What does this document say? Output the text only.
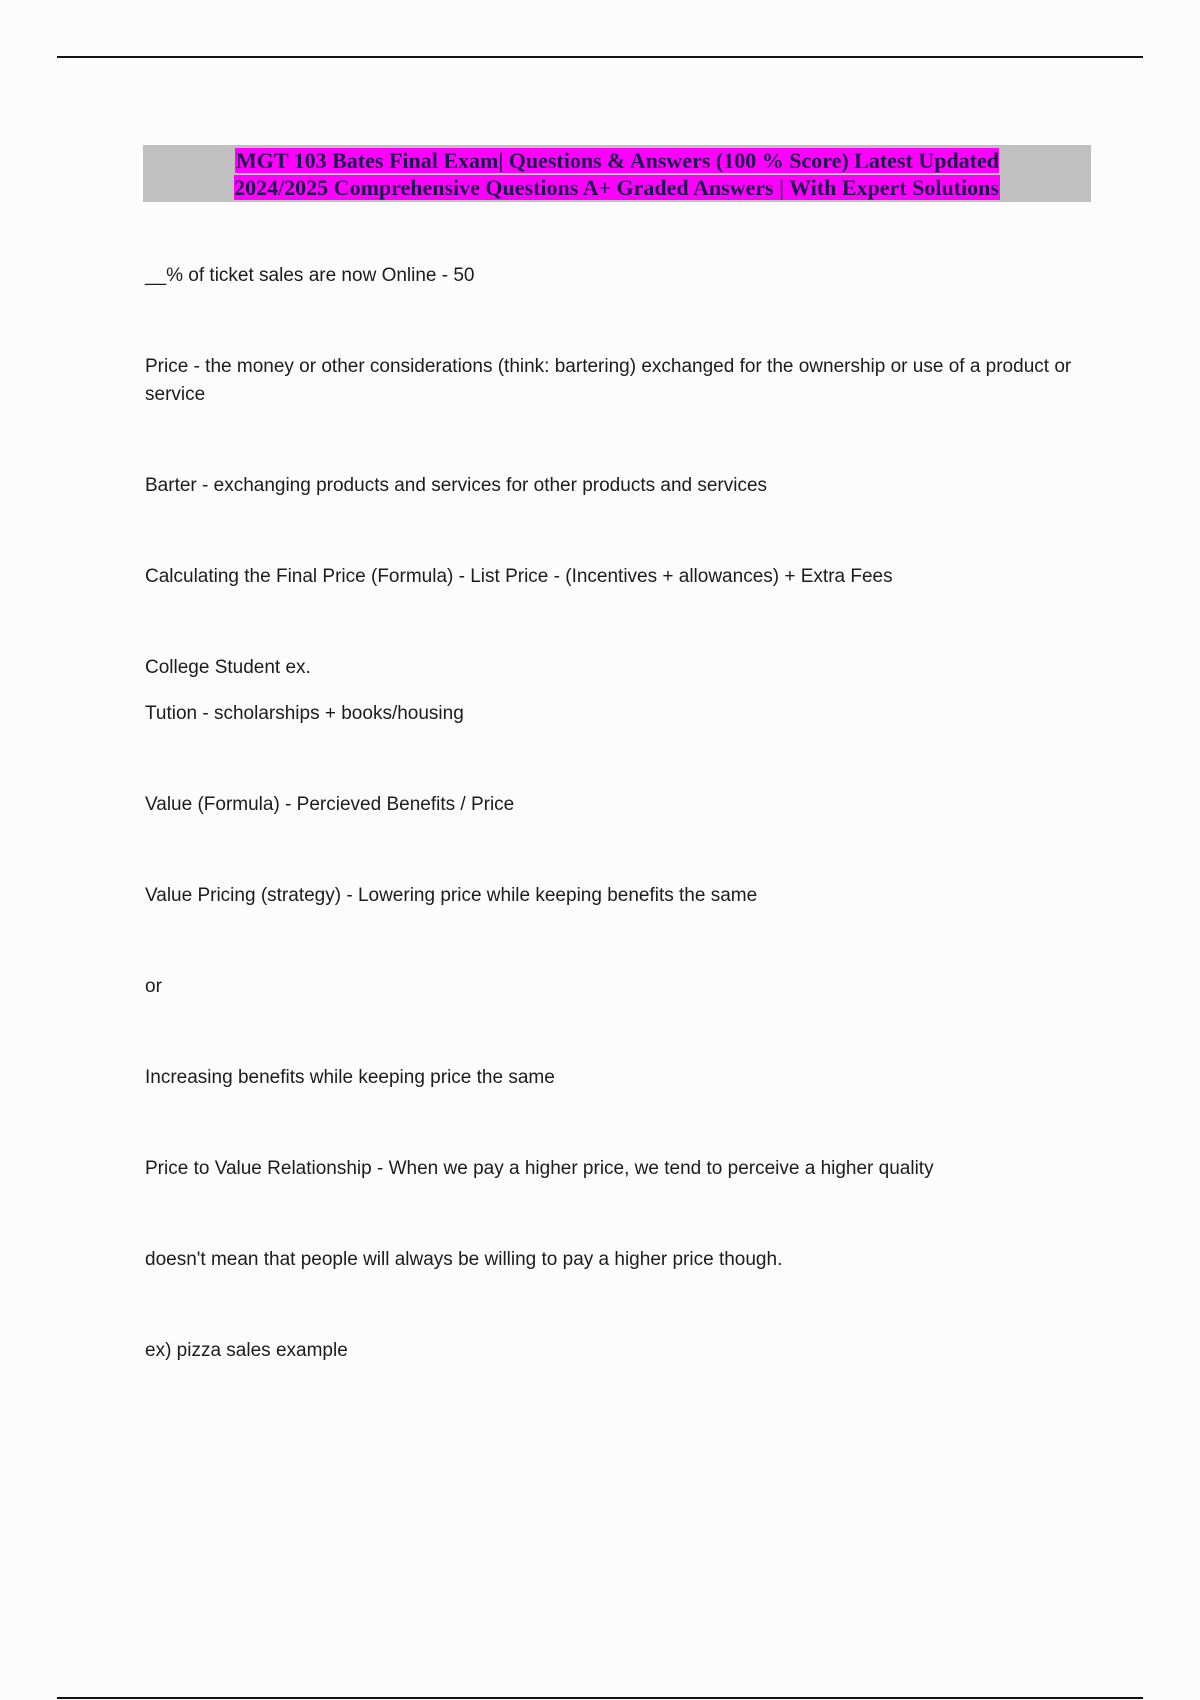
MGT 103 Bates Final Exam| Questions & Answers (100 % Score) Latest Updated 2024/2025 Comprehensive Questions A+ Graded Answers | With Expert Solutions
__% of ticket sales are now Online - 50
Price - the money or other considerations (think: bartering) exchanged for the ownership or use of a product or service
Barter - exchanging products and services for other products and services
Calculating the Final Price (Formula) - List Price - (Incentives + allowances) + Extra Fees
College Student ex.
Tution - scholarships + books/housing
Value (Formula) - Percieved Benefits / Price
Value Pricing (strategy) - Lowering price while keeping benefits the same
or
Increasing benefits while keeping price the same
Price to Value Relationship - When we pay a higher price, we tend to perceive a higher quality
doesn't mean that people will always be willing to pay a higher price though.
ex) pizza sales example
